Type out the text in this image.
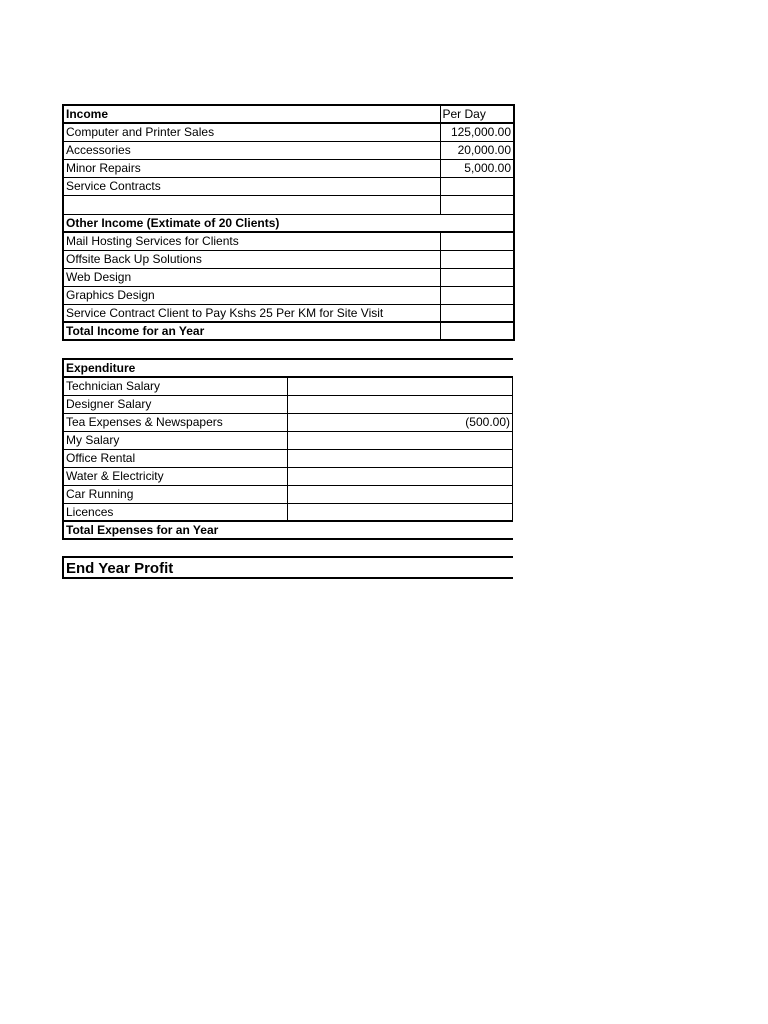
Income	Per Day
Computer and Printer Sales	125,000.00
Accessories	20,000.00
Minor Repairs	5,000.00
Service Contracts	

Other Income (Extimate of 20 Clients)	
Mail Hosting Services for Clients	
Offsite Back Up Solutions	
Web Design	
Graphics Design	
Service Contract Client to Pay Kshs 25 Per KM for Site Visit	
Total Income for an Year	
Expenditure	
Technician Salary	
Designer Salary	
Tea Expenses & Newspapers	(500.00)
My Salary	
Office Rental	
Water & Electricity	
Car Running	
Licences	
Total Expenses for an Year	
End Year Profit
